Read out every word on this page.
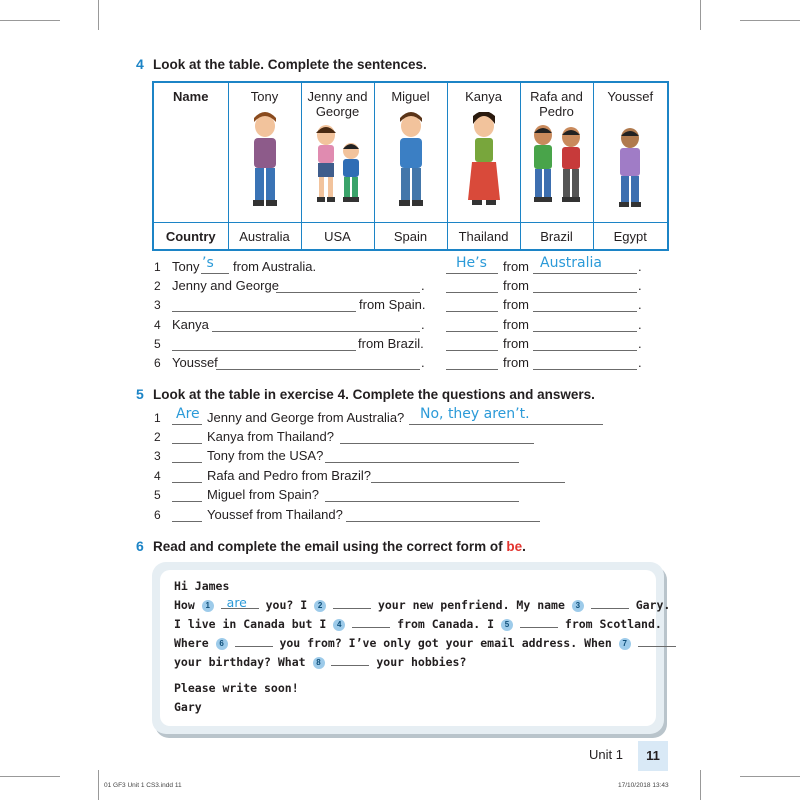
4 Look at the table. Complete the sentences.
Name	Tony	Jenny and George	Miguel	Kanya	Rafa and Pedro	Youssef

Country	Australia	USA	Spain	Thailand	Brazil	Egypt
1 Tony ’s from Australia.	He’s from Australia	.
2 Jenny and George	.	from	.
3	from Spain.	from	.
4 Kanya	.	from	.
5	from Brazil.	from	.
6 Youssef	.	from	.
5 Look at the table in exercise 4. Complete the questions and answers.
1 Are Jenny and George from Australia? No, they aren’t.
2	Kanya from Thailand?
3	Tony from the USA?
4	Rafa and Pedro from Brazil?
5	Miguel from Spain?
6	Youssef from Thailand?
6 Read and complete the email using the correct form of be.
Hi James
How 1 are you? I 2	your new penfriend. My name 3	Gary.
I live in Canada but I 4	from Canada. I 5	from Scotland.
Where 6	you from? I’ve only got your email address. When 7
your birthday? What 8	your hobbies?
Please write soon!
Gary
Unit 1	11
01 GF3 Unit 1 CS3.indd 11	17/10/2018 13:43
